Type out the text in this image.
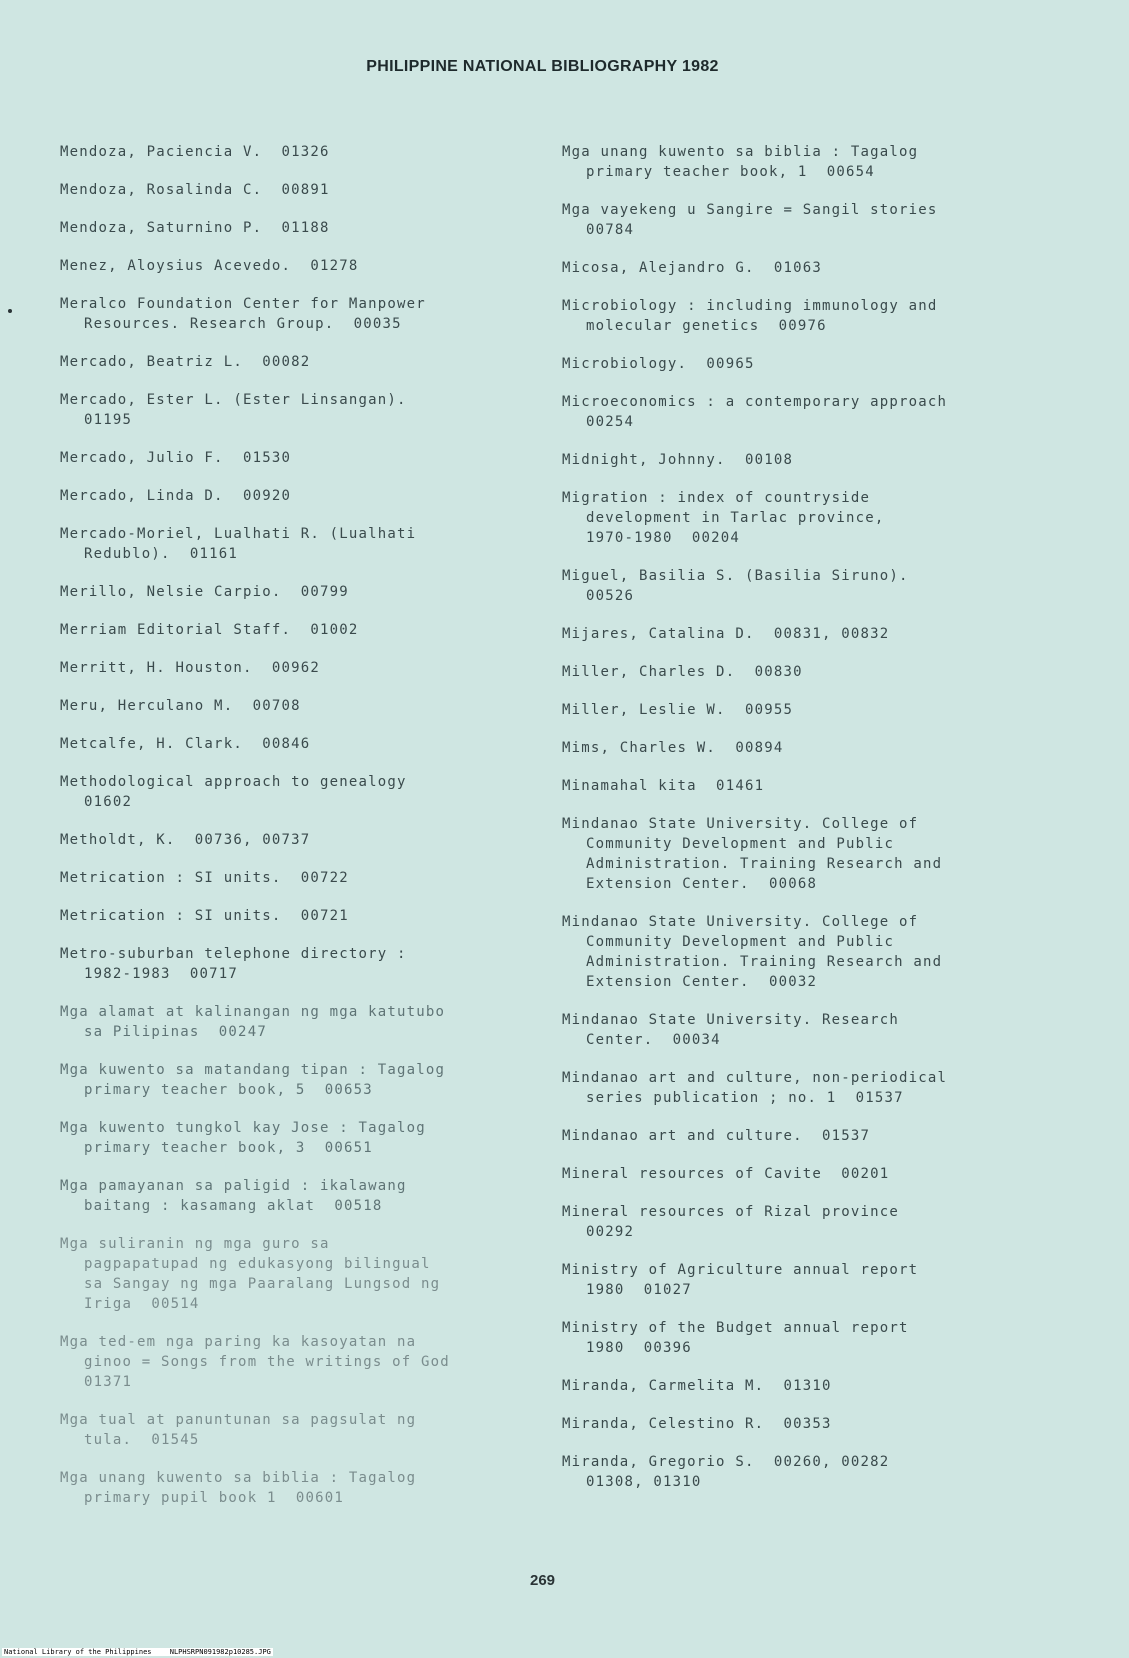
PHILIPPINE NATIONAL BIBLIOGRAPHY 1982
Mendoza, Paciencia V.  01326
Mendoza, Rosalinda C.  00891
Mendoza, Saturnino P.  01188
Menez, Aloysius Acevedo.  01278
Meralco Foundation Center for Manpower
Resources. Research Group.  00035
Mercado, Beatriz L.  00082
Mercado, Ester L. (Ester Linsangan).
01195
Mercado, Julio F.  01530
Mercado, Linda D.  00920
Mercado-Moriel, Lualhati R. (Lualhati
Redublo).  01161
Merillo, Nelsie Carpio.  00799
Merriam Editorial Staff.  01002
Merritt, H. Houston.  00962
Meru, Herculano M.  00708
Metcalfe, H. Clark.  00846
Methodological approach to genealogy
01602
Metholdt, K.  00736, 00737
Metrication : SI units.  00722
Metrication : SI units.  00721
Metro-suburban telephone directory :
1982-1983  00717
Mga alamat at kalinangan ng mga katutubo
sa Pilipinas  00247
Mga kuwento sa matandang tipan : Tagalog
primary teacher book, 5  00653
Mga kuwento tungkol kay Jose : Tagalog
primary teacher book, 3  00651
Mga pamayanan sa paligid : ikalawang
baitang : kasamang aklat  00518
Mga suliranin ng mga guro sa
pagpapatupad ng edukasyong bilingual
sa Sangay ng mga Paaralang Lungsod ng
Iriga  00514
Mga ted-em nga paring ka kasoyatan na
ginoo = Songs from the writings of God
01371
Mga tual at panuntunan sa pagsulat ng
tula.  01545
Mga unang kuwento sa biblia : Tagalog
primary pupil book 1  00601
Mga unang kuwento sa biblia : Tagalog
primary teacher book, 1  00654
Mga vayekeng u Sangire = Sangil stories
00784
Micosa, Alejandro G.  01063
Microbiology : including immunology and
molecular genetics  00976
Microbiology.  00965
Microeconomics : a contemporary approach
00254
Midnight, Johnny.  00108
Migration : index of countryside
development in Tarlac province,
1970-1980  00204
Miguel, Basilia S. (Basilia Siruno).
00526
Mijares, Catalina D.  00831, 00832
Miller, Charles D.  00830
Miller, Leslie W.  00955
Mims, Charles W.  00894
Minamahal kita  01461
Mindanao State University. College of
Community Development and Public
Administration. Training Research and
Extension Center.  00068
Mindanao State University. College of
Community Development and Public
Administration. Training Research and
Extension Center.  00032
Mindanao State University. Research
Center.  00034
Mindanao art and culture, non-periodical
series publication ; no. 1  01537
Mindanao art and culture.  01537
Mineral resources of Cavite  00201
Mineral resources of Rizal province
00292
Ministry of Agriculture annual report
1980  01027
Ministry of the Budget annual report
1980  00396
Miranda, Carmelita M.  01310
Miranda, Celestino R.  00353
Miranda, Gregorio S.  00260, 00282
01308, 01310
269
National Library of the Philippines	NLPHSRPN091982p10285.JPG
